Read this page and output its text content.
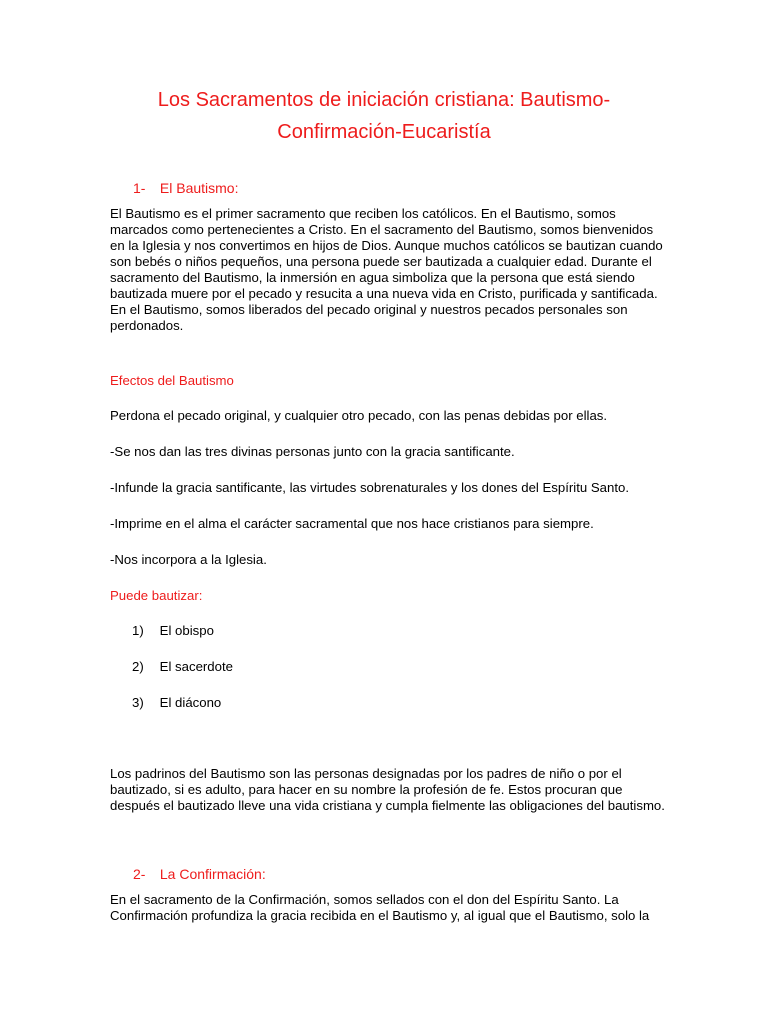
Los Sacramentos de iniciación cristiana: Bautismo-
Confirmación-Eucaristía
1- El Bautismo:
El Bautismo es el primer sacramento que reciben los católicos. En el Bautismo, somos
marcados como pertenecientes a Cristo. En el sacramento del Bautismo, somos bienvenidos
en la Iglesia y nos convertimos en hijos de Dios. Aunque muchos católicos se bautizan cuando
son bebés o niños pequeños, una persona puede ser bautizada a cualquier edad. Durante el
sacramento del Bautismo, la inmersión en agua simboliza que la persona que está siendo
bautizada muere por el pecado y resucita a una nueva vida en Cristo, purificada y santificada.
En el Bautismo, somos liberados del pecado original y nuestros pecados personales son
perdonados.
Efectos del Bautismo
Perdona el pecado original, y cualquier otro pecado, con las penas debidas por ellas.
-Se nos dan las tres divinas personas junto con la gracia santificante.
-Infunde la gracia santificante, las virtudes sobrenaturales y los dones del Espíritu Santo.
-Imprime en el alma el carácter sacramental que nos hace cristianos para siempre.
-Nos incorpora a la Iglesia.
Puede bautizar:
1) El obispo
2) El sacerdote
3) El diácono
Los padrinos del Bautismo son las personas designadas por los padres de niño o por el
bautizado, si es adulto, para hacer en su nombre la profesión de fe. Estos procuran que
después el bautizado lleve una vida cristiana y cumpla fielmente las obligaciones del bautismo.
2- La Confirmación:
En el sacramento de la Confirmación, somos sellados con el don del Espíritu Santo. La
Confirmación profundiza la gracia recibida en el Bautismo y, al igual que el Bautismo, solo la
